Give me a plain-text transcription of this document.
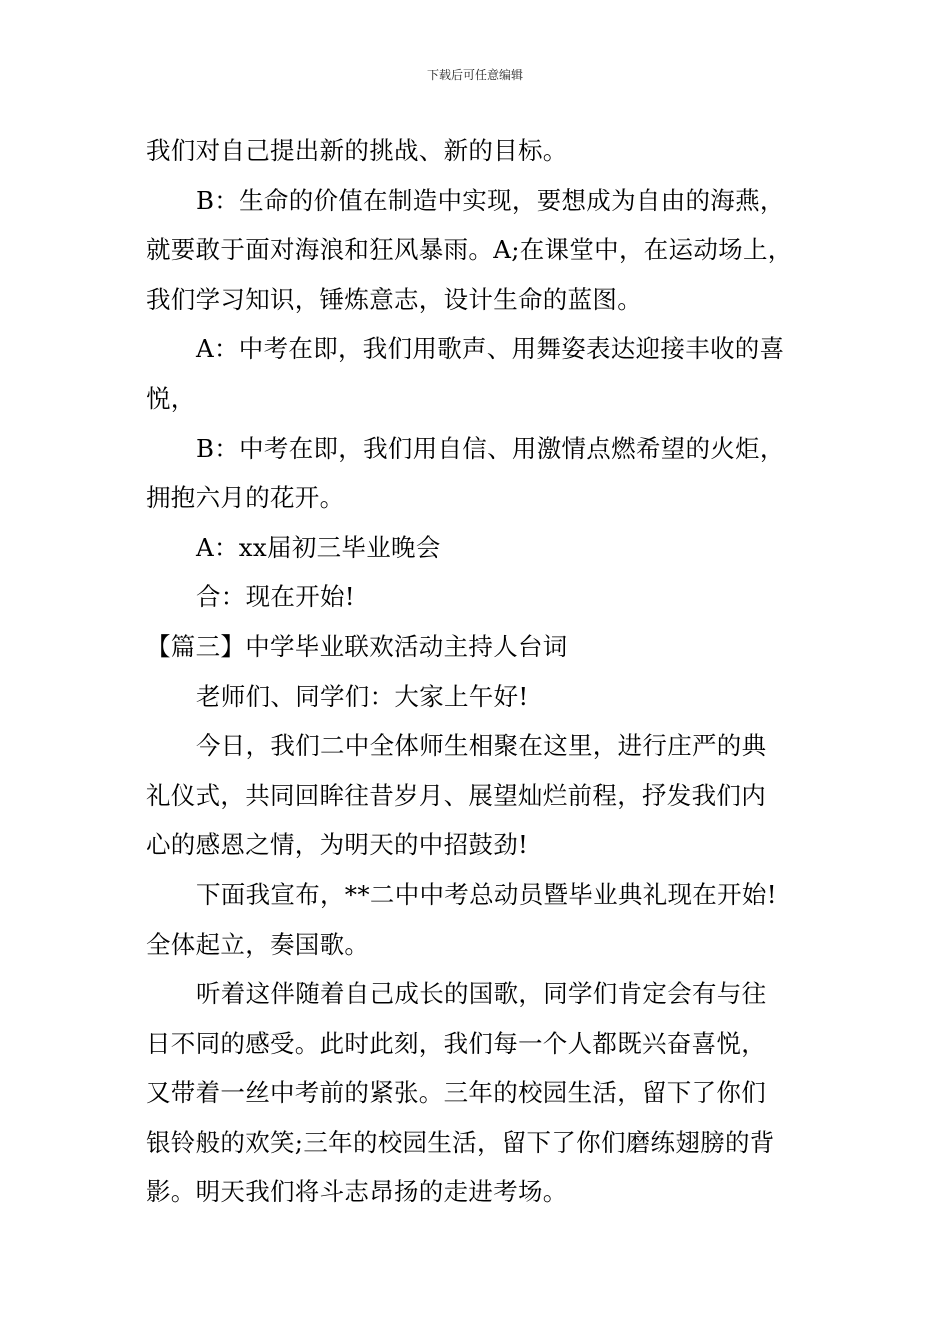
下载后可任意编辑
我们对自己提出新的挑战、新的目标。
B：生命的价值在制造中实现，要想成为自由的海燕，
就要敢于面对海浪和狂风暴雨。A;在课堂中，在运动场上，
我们学习知识，锤炼意志，设计生命的蓝图。
A：中考在即，我们用歌声、用舞姿表达迎接丰收的喜
悦，
B：中考在即，我们用自信、用激情点燃希望的火炬，
拥抱六月的花开。
A：xx届初三毕业晚会
合：现在开始!
【篇三】中学毕业联欢活动主持人台词
老师们、同学们：大家上午好!
今日，我们二中全体师生相聚在这里，进行庄严的典
礼仪式，共同回眸往昔岁月、展望灿烂前程，抒发我们内
心的感恩之情，为明天的中招鼓劲!
下面我宣布，**二中中考总动员暨毕业典礼现在开始!
全体起立，奏国歌。
听着这伴随着自己成长的国歌，同学们肯定会有与往
日不同的感受。此时此刻，我们每一个人都既兴奋喜悦，
又带着一丝中考前的紧张。三年的校园生活，留下了你们
银铃般的欢笑;三年的校园生活，留下了你们磨练翅膀的背
影。明天我们将斗志昂扬的走进考场。
